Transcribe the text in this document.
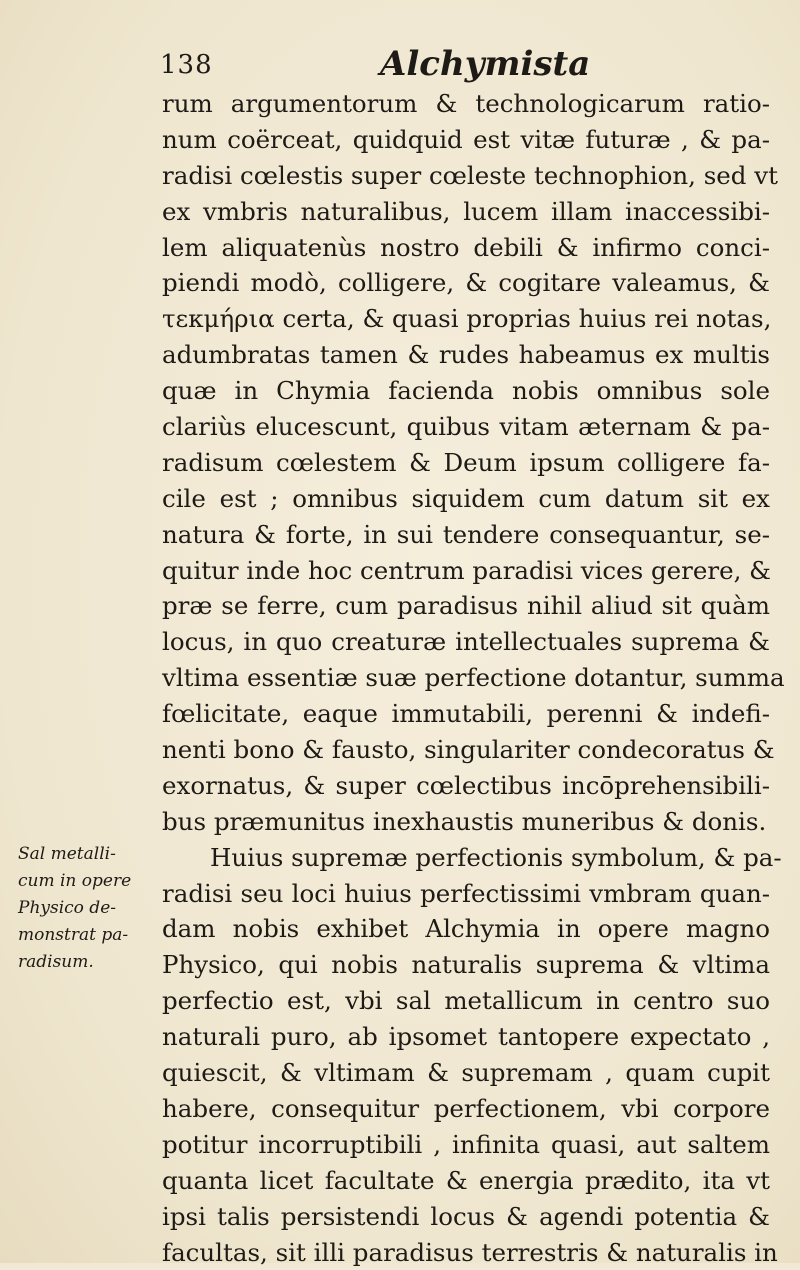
138	Alchymista
rum argumentorum & technologicarum ratio-
num coërceat, quidquid est vitæ futuræ , & pa-
radisi cœlestis super cœleste technophion, sed vt
ex vmbris naturalibus, lucem illam inaccessibi-
lem aliquatenùs nostro debili & infirmo conci-
piendi modò, colligere, & cogitare valeamus, &
τεκμήρια certa, & quasi proprias huius rei notas,
adumbratas tamen & rudes habeamus ex multis
quæ in Chymia facienda nobis omnibus sole
clariùs elucescunt, quibus vitam æternam & pa-
radisum cœlestem & Deum ipsum colligere fa-
cile est ; omnibus siquidem cum datum sit ex
natura & forte, in sui tendere consequantur, se-
quitur inde hoc centrum paradisi vices gerere, &
præ se ferre, cum paradisus nihil aliud sit quàm
locus, in quo creaturæ intellectuales suprema &
vltima essentiæ suæ perfectione dotantur, summa
fœlicitate, eaque immutabili, perenni & indefi-
nenti bono & fausto, singulariter condecoratus &
exornatus, & super cœlectibus incōprehensibili-
bus præmunitus inexhaustis muneribus & donis.
Huius supremæ perfectionis symbolum, & pa-
radisi seu loci huius perfectissimi vmbram quan-
dam nobis exhibet Alchymia in opere magno
Physico, qui nobis naturalis suprema & vltima
perfectio est, vbi sal metallicum in centro suo
naturali puro, ab ipsomet tantopere expectato ,
quiescit, & vltimam & supremam , quam cupit
habere, consequitur perfectionem, vbi corpore
potitur incorruptibili , infinita quasi, aut saltem
quanta licet facultate & energia prædito, ita vt
ipsi talis persistendi locus & agendi potentia &
facultas, sit illi paradisus terrestris & naturalis in
Sal metalli-
cum in opere
Physico de-
monstrat pa-
radisum.
